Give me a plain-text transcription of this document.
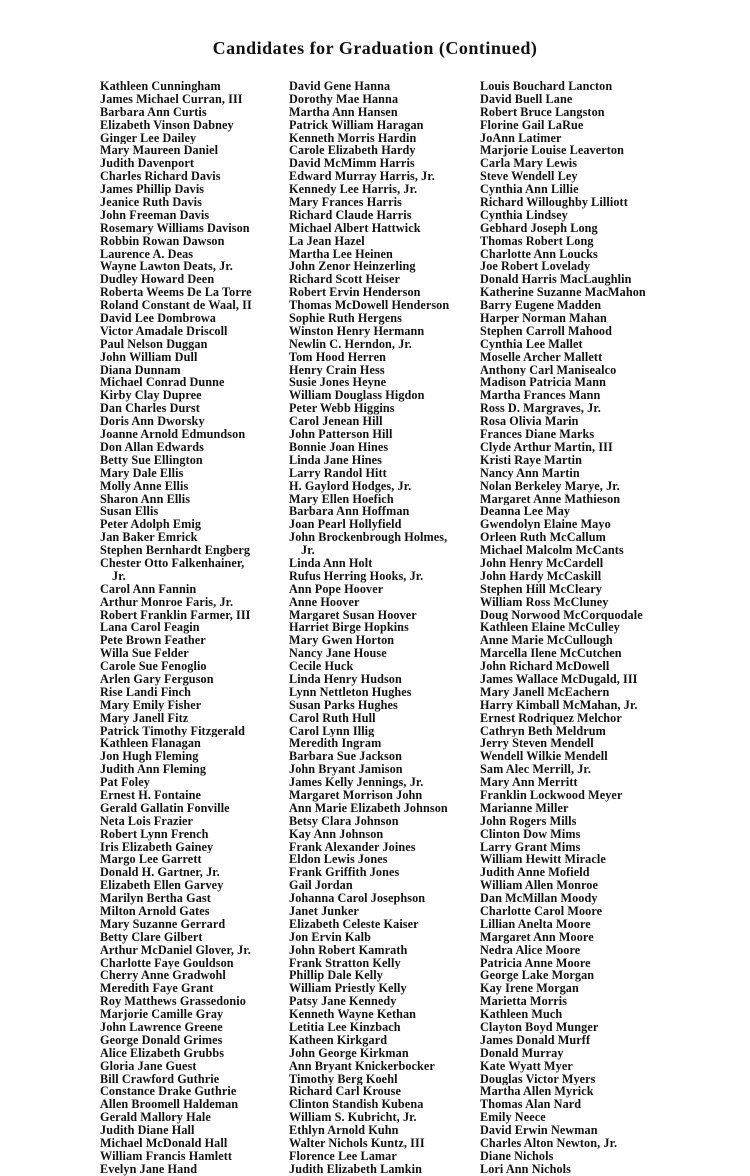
Candidates for Graduation (Continued)
Kathleen Cunningham
James Michael Curran, III
Barbara Ann Curtis
Elizabeth Vinson Dabney
Ginger Lee Dailey
Mary Maureen Daniel
Judith Davenport
Charles Richard Davis
James Phillip Davis
Jeanice Ruth Davis
John Freeman Davis
Rosemary Williams Davison
Robbin Rowan Dawson
Laurence A. Deas
Wayne Lawton Deats, Jr.
Dudley Howard Deen
Roberta Weems De La Torre
Roland Constant de Waal, II
David Lee Dombrowa
Victor Amadale Driscoll
Paul Nelson Duggan
John William Dull
Diana Dunnam
Michael Conrad Dunne
Kirby Clay Dupree
Dan Charles Durst
Doris Ann Dworsky
Joanne Arnold Edmundson
Don Allan Edwards
Betty Sue Ellington
Mary Dale Ellis
Molly Anne Ellis
Sharon Ann Ellis
Susan Ellis
Peter Adolph Emig
Jan Baker Emrick
Stephen Bernhardt Engberg
Chester Otto Falkenhainer,
Jr.
Carol Ann Fannin
Arthur Monroe Faris, Jr.
Robert Franklin Farmer, III
Lana Carol Feagin
Pete Brown Feather
Willa Sue Felder
Carole Sue Fenoglio
Arlen Gary Ferguson
Rise Landi Finch
Mary Emily Fisher
Mary Janell Fitz
Patrick Timothy Fitzgerald
Kathleen Flanagan
Jon Hugh Fleming
Judith Ann Fleming
Pat Foley
Ernest H. Fontaine
Gerald Gallatin Fonville
Neta Lois Frazier
Robert Lynn French
Iris Elizabeth Gainey
Margo Lee Garrett
Donald H. Gartner, Jr.
Elizabeth Ellen Garvey
Marilyn Bertha Gast
Milton Arnold Gates
Mary Suzanne Gerrard
Betty Clare Gilbert
Arthur McDaniel Glover, Jr.
Charlotte Faye Gouldson
Cherry Anne Gradwohl
Meredith Faye Grant
Roy Matthews Grassedonio
Marjorie Camille Gray
John Lawrence Greene
George Donald Grimes
Alice Elizabeth Grubbs
Gloria Jane Guest
Bill Crawford Guthrie
Constance Drake Guthrie
Allen Broomell Haldeman
Gerald Mallory Hale
Judith Diane Hall
Michael McDonald Hall
William Francis Hamlett
Evelyn Jane Hand
David Gene Hanna
Dorothy Mae Hanna
Martha Ann Hansen
Patrick William Haragan
Kenneth Morris Hardin
Carole Elizabeth Hardy
David McMimm Harris
Edward Murray Harris, Jr.
Kennedy Lee Harris, Jr.
Mary Frances Harris
Richard Claude Harris
Michael Albert Hattwick
La Jean Hazel
Martha Lee Heinen
John Zenor Heinzerling
Richard Scott Heiser
Robert Ervin Henderson
Thomas McDowell Henderson
Sophie Ruth Hergens
Winston Henry Hermann
Newlin C. Herndon, Jr.
Tom Hood Herren
Henry Crain Hess
Susie Jones Heyne
William Douglass Higdon
Peter Webb Higgins
Carol Jenean Hill
John Patterson Hill
Bonnie Joan Hines
Linda Jane Hines
Larry Randol Hitt
H. Gaylord Hodges, Jr.
Mary Ellen Hoefich
Barbara Ann Hoffman
Joan Pearl Hollyfield
John Brockenbrough Holmes,
Jr.
Linda Ann Holt
Rufus Herring Hooks, Jr.
Ann Pope Hoover
Anne Hoover
Margaret Susan Hoover
Harriet Birge Hopkins
Mary Gwen Horton
Nancy Jane House
Cecile Huck
Linda Henry Hudson
Lynn Nettleton Hughes
Susan Parks Hughes
Carol Ruth Hull
Carol Lynn Illig
Meredith Ingram
Barbara Sue Jackson
John Bryant Jamison
James Kelly Jennings, Jr.
Margaret Morrison John
Ann Marie Elizabeth Johnson
Betsy Clara Johnson
Kay Ann Johnson
Frank Alexander Joines
Eldon Lewis Jones
Frank Griffith Jones
Gail Jordan
Johanna Carol Josephson
Janet Junker
Elizabeth Celeste Kaiser
Jon Ervin Kalb
John Robert Kamrath
Frank Stratton Kelly
Phillip Dale Kelly
William Priestly Kelly
Patsy Jane Kennedy
Kenneth Wayne Kethan
Letitia Lee Kinzbach
Katheen Kirkgard
John George Kirkman
Ann Bryant Knickerbocker
Timothy Berg Koehl
Richard Carl Krouse
Clinton Standish Kubena
William S. Kubricht, Jr.
Ethlyn Arnold Kuhn
Walter Nichols Kuntz, III
Florence Lee Lamar
Judith Elizabeth Lamkin
Louis Bouchard Lancton
David Buell Lane
Robert Bruce Langston
Florine Gail LaRue
JoAnn Latimer
Marjorie Louise Leaverton
Carla Mary Lewis
Steve Wendell Ley
Cynthia Ann Lillie
Richard Willoughby Lilliott
Cynthia Lindsey
Gebhard Joseph Long
Thomas Robert Long
Charlotte Ann Loucks
Joe Robert Lovelady
Donald Harris MacLaughlin
Katherine Suzanne MacMahon
Barry Eugene Madden
Harper Norman Mahan
Stephen Carroll Mahood
Cynthia Lee Mallet
Moselle Archer Mallett
Anthony Carl Manisealco
Madison Patricia Mann
Martha Frances Mann
Ross D. Margraves, Jr.
Rosa Olivia Marin
Frances Diane Marks
Clyde Arthur Martin, III
Kristi Raye Martin
Nancy Ann Martin
Nolan Berkeley Marye, Jr.
Margaret Anne Mathieson
Deanna Lee May
Gwendolyn Elaine Mayo
Orleen Ruth McCallum
Michael Malcolm McCants
John Henry McCardell
John Hardy McCaskill
Stephen Hill McCleary
William Ross McCluney
Doug Norwood McCorquodale
Kathleen Elaine McCulley
Anne Marie McCullough
Marcella Ilene McCutchen
John Richard McDowell
James Wallace McDugald, III
Mary Janell McEachern
Harry Kimball McMahan, Jr.
Ernest Rodriquez Melchor
Cathryn Beth Meldrum
Jerry Steven Mendell
Wendell Wilkie Mendell
Sam Alec Merrill, Jr.
Mary Ann Merritt
Franklin Lockwood Meyer
Marianne Miller
John Rogers Mills
Clinton Dow Mims
Larry Grant Mims
William Hewitt Miracle
Judith Anne Mofield
William Allen Monroe
Dan McMillan Moody
Charlotte Carol Moore
Lillian Anelta Moore
Margaret Ann Moore
Nedra Alice Moore
Patricia Anne Moore
George Lake Morgan
Kay Irene Morgan
Marietta Morris
Kathleen Much
Clayton Boyd Munger
James Donald Murff
Donald Murray
Kate Wyatt Myer
Douglas Victor Myers
Martha Allen Myrick
Thomas Alan Nard
Emily Neece
David Erwin Newman
Charles Alton Newton, Jr.
Diane Nichols
Lori Ann Nichols
